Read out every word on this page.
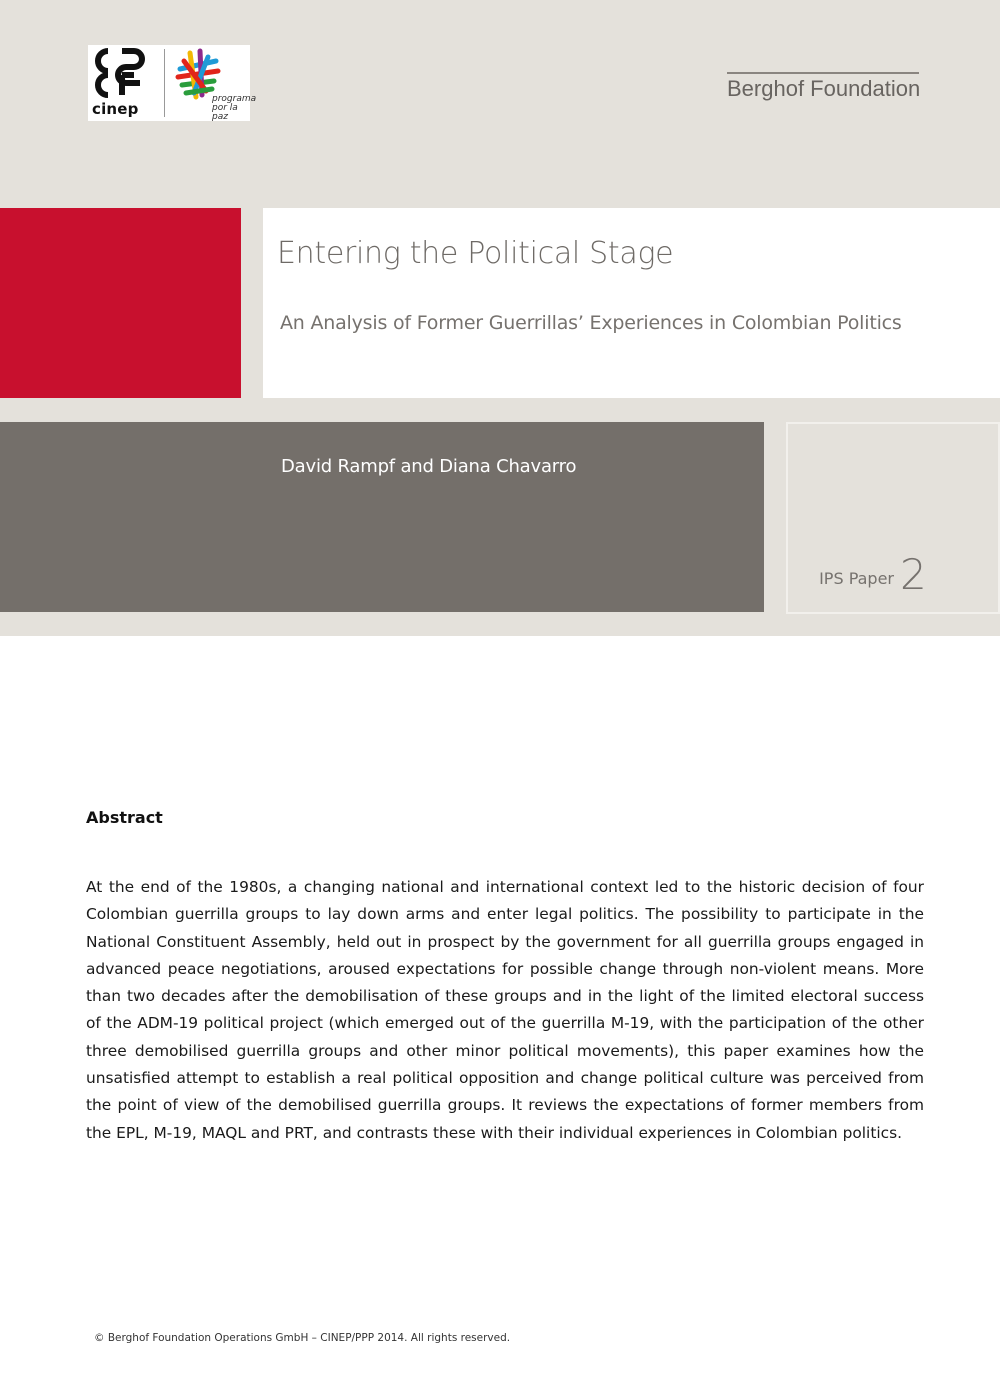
cinep
programa por la paz
Berghof Foundation
Entering the Political Stage
An Analysis of Former Guerrillas’ Experiences in Colombian Politics
David Rampf and Diana Chavarro
IPS Paper 2
Abstract

At the end of the 1980s, a changing national and international context led to the historic decision of four Colombian guerrilla groups to lay down arms and enter legal politics. The possibility to participate in the National Constituent Assembly, held out in prospect by the government for all guerrilla groups engaged in advanced peace negotiations, aroused expectations for possible change through non-violent means. More than two decades after the demobilisation of these groups and in the light of the limited electoral success of the ADM-19 political project (which emerged out of the guerrilla M-19, with the participation of the other three demobilised guerrilla groups and other minor political movements), this paper examines how the unsatisfied attempt to establish a real political opposition and change political culture was perceived from the point of view of the demobilised guerrilla groups. It reviews the expectations of former members from the EPL, M-19, MAQL and PRT, and contrasts these with their individual experiences in Colombian politics.

© Berghof Foundation Operations GmbH – CINEP/PPP 2014. All rights reserved.
